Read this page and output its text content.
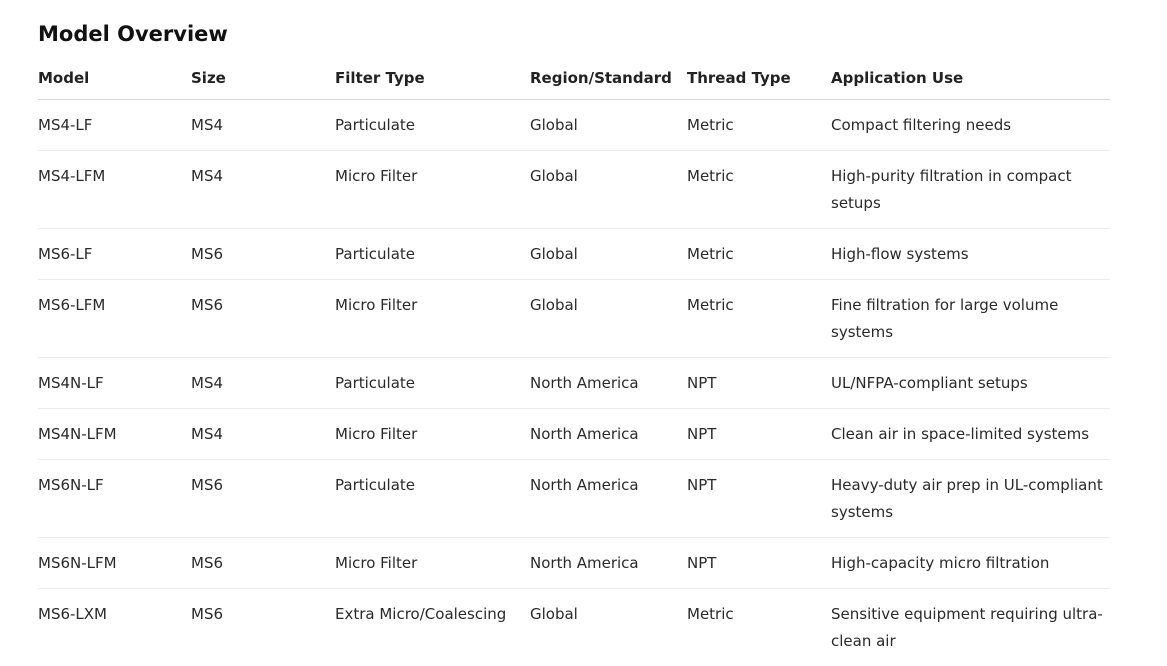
Model Overview
Model	Size	Filter Type	Region/Standard	Thread Type	Application Use
MS4-LF	MS4	Particulate	Global	Metric	Compact filtering needs
MS4-LFM	MS4	Micro Filter	Global	Metric	High-purity filtration in compact setups
MS6-LF	MS6	Particulate	Global	Metric	High-flow systems
MS6-LFM	MS6	Micro Filter	Global	Metric	Fine filtration for large volume systems
MS4N-LF	MS4	Particulate	North America	NPT	UL/NFPA-compliant setups
MS4N-LFM	MS4	Micro Filter	North America	NPT	Clean air in space-limited systems
MS6N-LF	MS6	Particulate	North America	NPT	Heavy-duty air prep in UL-compliant systems
MS6N-LFM	MS6	Micro Filter	North America	NPT	High-capacity micro filtration
MS6-LXM	MS6	Extra Micro/Coalescing	Global	Metric	Sensitive equipment requiring ultra-clean air
